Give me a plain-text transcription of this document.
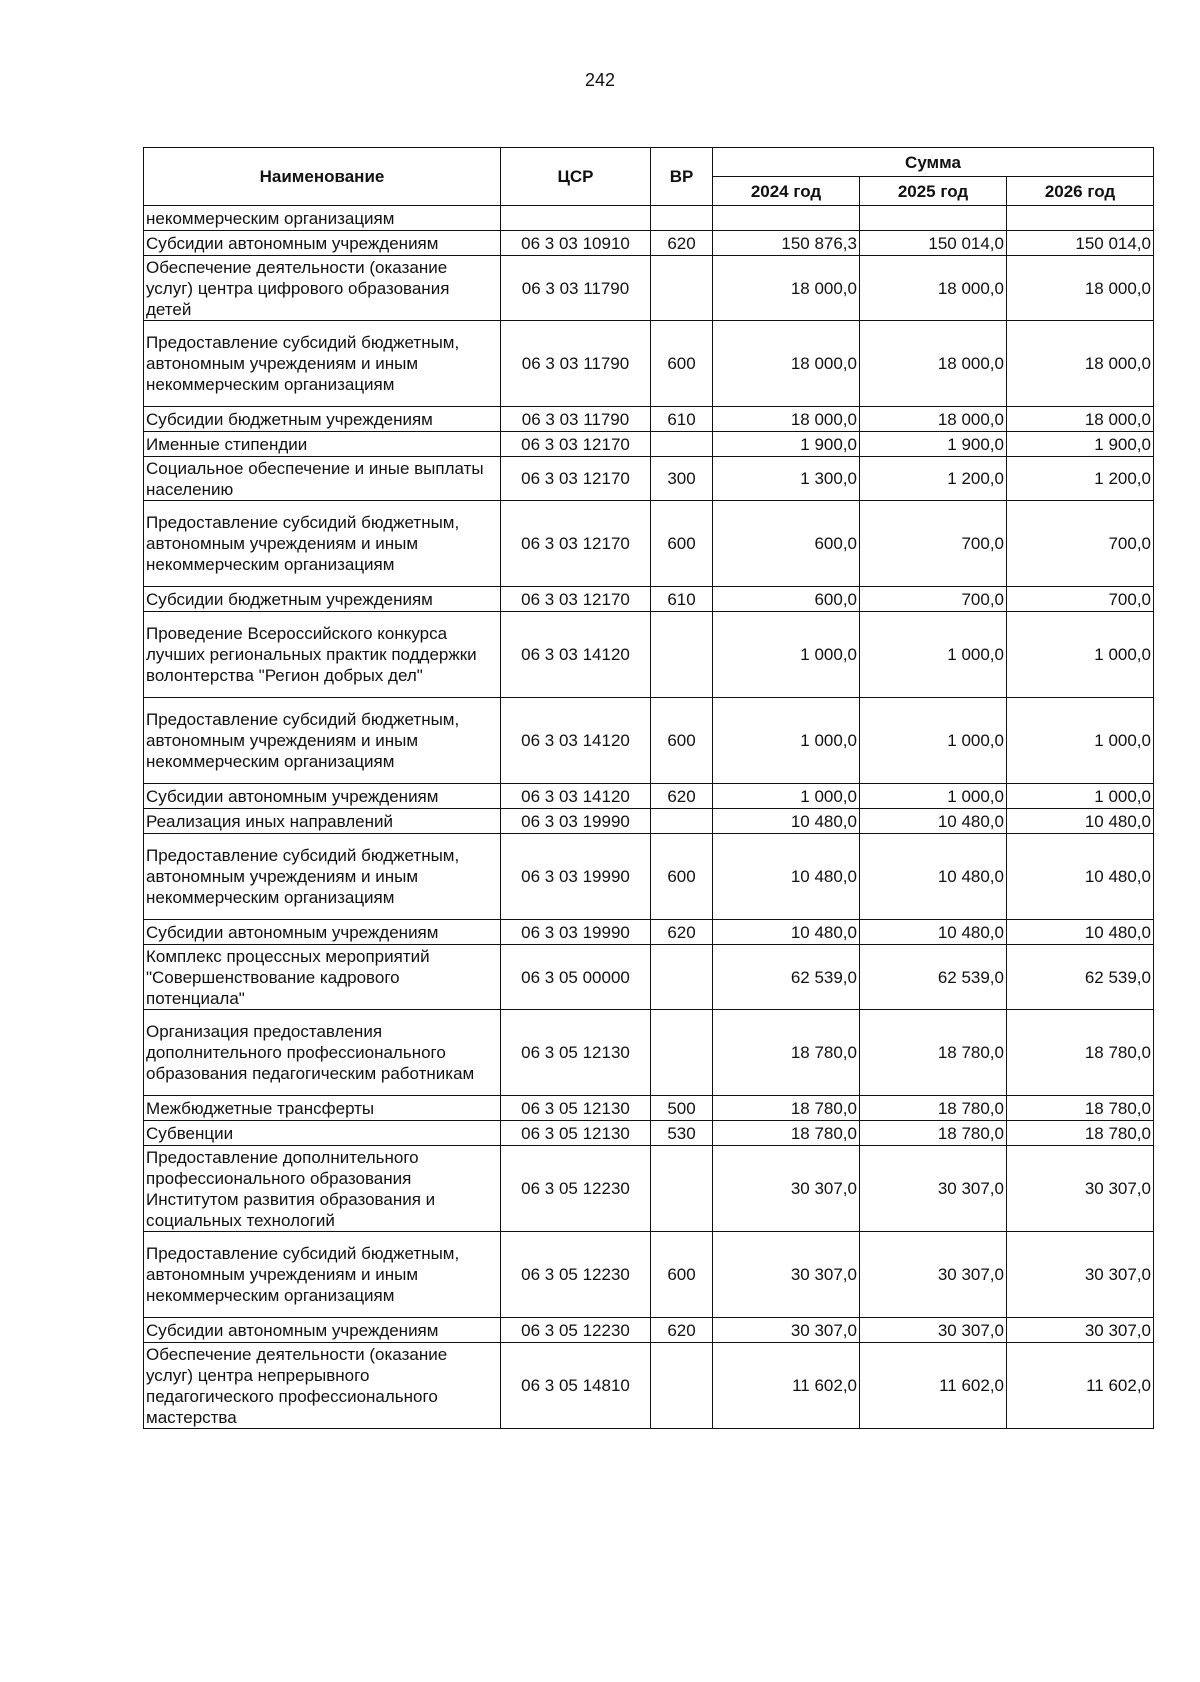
242
Наименование	ЦСР	ВР	Сумма		
			2024 год	2025 год	2026 год
некоммерческим организациям					
Субсидии автономным учреждениям	06 3 03 10910	620	150 876,3	150 014,0	150 014,0
Обеспечение деятельности (оказание услуг) центра цифрового образования детей	06 3 03 11790		18 000,0	18 000,0	18 000,0
Предоставление субсидий бюджетным, автономным учреждениям и иным некоммерческим организациям	06 3 03 11790	600	18 000,0	18 000,0	18 000,0
Субсидии бюджетным учреждениям	06 3 03 11790	610	18 000,0	18 000,0	18 000,0
Именные стипендии	06 3 03 12170		1 900,0	1 900,0	1 900,0
Социальное обеспечение и иные выплаты населению	06 3 03 12170	300	1 300,0	1 200,0	1 200,0
Предоставление субсидий бюджетным, автономным учреждениям и иным некоммерческим организациям	06 3 03 12170	600	600,0	700,0	700,0
Субсидии бюджетным учреждениям	06 3 03 12170	610	600,0	700,0	700,0
Проведение Всероссийского конкурса лучших региональных практик поддержки волонтерства "Регион добрых дел"	06 3 03 14120		1 000,0	1 000,0	1 000,0
Предоставление субсидий бюджетным, автономным учреждениям и иным некоммерческим организациям	06 3 03 14120	600	1 000,0	1 000,0	1 000,0
Субсидии автономным учреждениям	06 3 03 14120	620	1 000,0	1 000,0	1 000,0
Реализация иных направлений	06 3 03 19990		10 480,0	10 480,0	10 480,0
Предоставление субсидий бюджетным, автономным учреждениям и иным некоммерческим организациям	06 3 03 19990	600	10 480,0	10 480,0	10 480,0
Субсидии автономным учреждениям	06 3 03 19990	620	10 480,0	10 480,0	10 480,0
Комплекс процессных мероприятий "Совершенствование кадрового потенциала"	06 3 05 00000		62 539,0	62 539,0	62 539,0
Организация предоставления дополнительного профессионального образования педагогическим работникам	06 3 05 12130		18 780,0	18 780,0	18 780,0
Межбюджетные трансферты	06 3 05 12130	500	18 780,0	18 780,0	18 780,0
Субвенции	06 3 05 12130	530	18 780,0	18 780,0	18 780,0
Предоставление дополнительного профессионального образования Институтом развития образования и социальных технологий	06 3 05 12230		30 307,0	30 307,0	30 307,0
Предоставление субсидий бюджетным, автономным учреждениям и иным некоммерческим организациям	06 3 05 12230	600	30 307,0	30 307,0	30 307,0
Субсидии автономным учреждениям	06 3 05 12230	620	30 307,0	30 307,0	30 307,0
Обеспечение деятельности (оказание услуг) центра непрерывного педагогического профессионального мастерства	06 3 05 14810		11 602,0	11 602,0	11 602,0
